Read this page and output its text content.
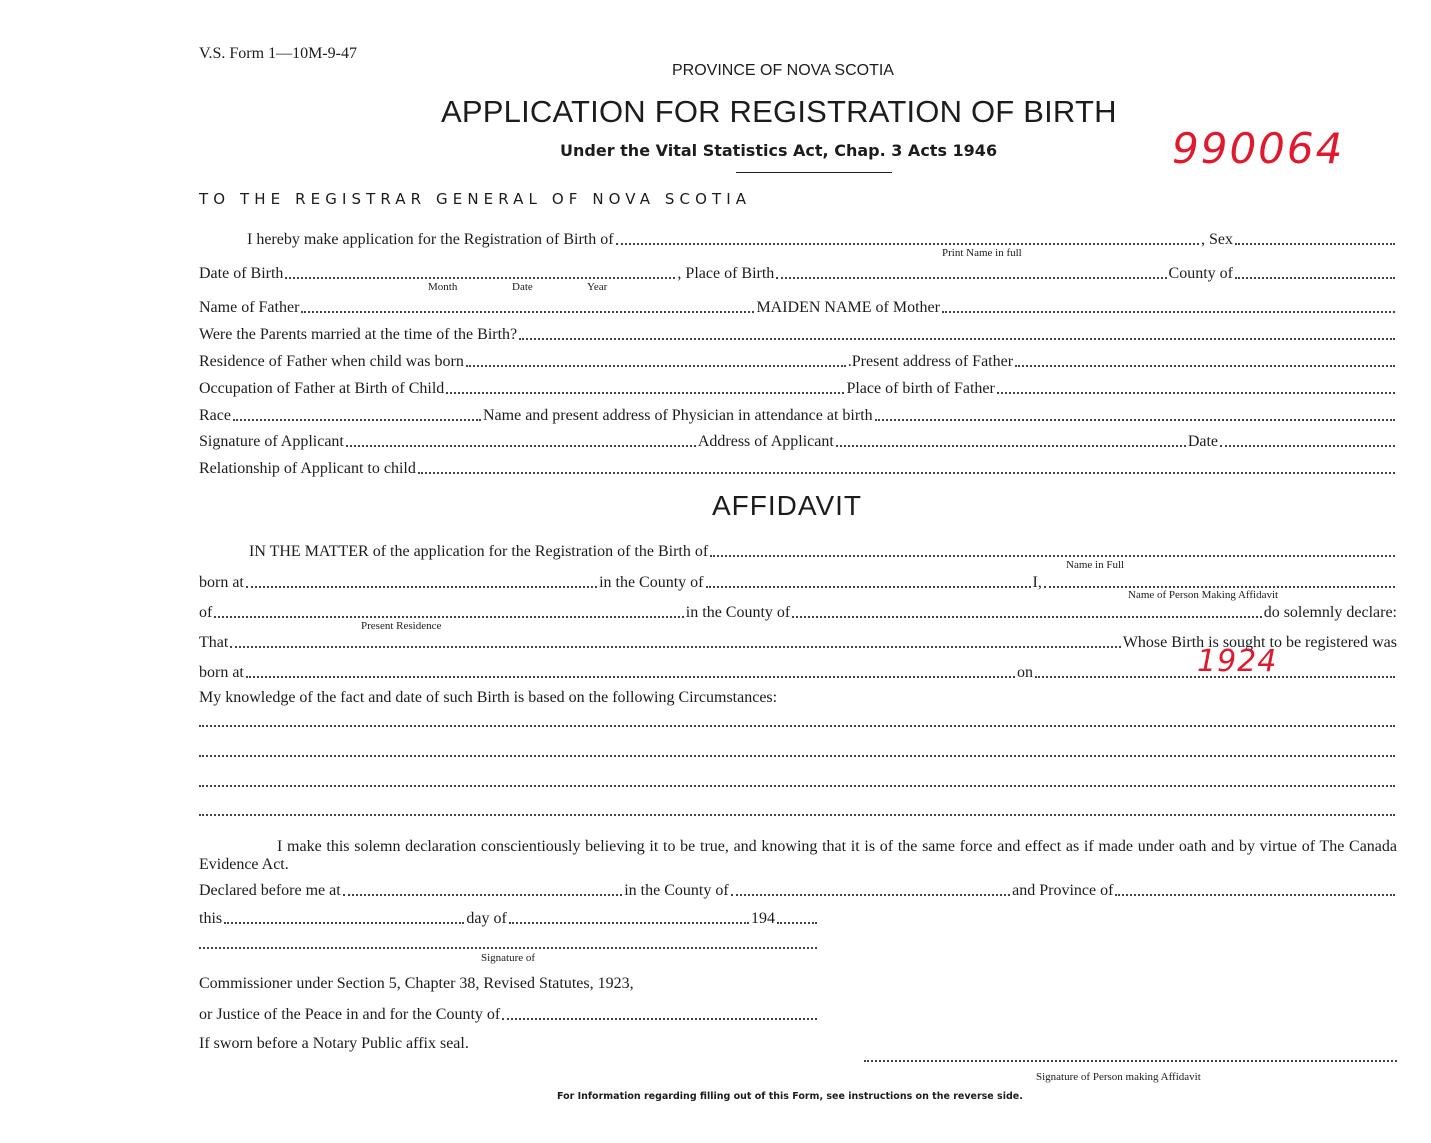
V.S. Form 1—10M-9-47
PROVINCE OF NOVA SCOTIA
APPLICATION FOR REGISTRATION OF BIRTH
Under the Vital Statistics Act, Chap. 3 Acts 1946	990064
TO THE REGISTRAR GENERAL OF NOVA SCOTIA
I hereby make application for the Registration of Birth of	, Sex
Print Name in full
Date of Birth	, Place of Birth	County of
Month	Date	Year
Name of Father	MAIDEN NAME of Mother
Were the Parents married at the time of the Birth?
Residence of Father when child was born	.Present address of Father
Occupation of Father at Birth of Child	Place of birth of Father
Race	Name and present address of Physician in attendance at birth
Signature of Applicant	Address of Applicant	Date
Relationship of Applicant to child
AFFIDAVIT
IN THE MATTER of the application for the Registration of the Birth of
Name in Full
born at	in the County of	I,
Name of Person Making Affidavit
of	in the County of	do solemnly declare:
Present Residence
That	Whose Birth is sought to be registered was
born at	on	1924
My knowledge of the fact and date of such Birth is based on the following Circumstances:
I make this solemn declaration conscientiously believing it to be true, and knowing that it is of the same force and effect as if made under oath and by virtue of The Canada Evidence Act.
Declared before me at	in the County of	and Province of
this	day of	194
Signature of
Commissioner under Section 5, Chapter 38, Revised Statutes, 1923,
or Justice of the Peace in and for the County of
If sworn before a Notary Public affix seal.
Signature of Person making Affidavit
For Information regarding filling out of this Form, see instructions on the reverse side.
